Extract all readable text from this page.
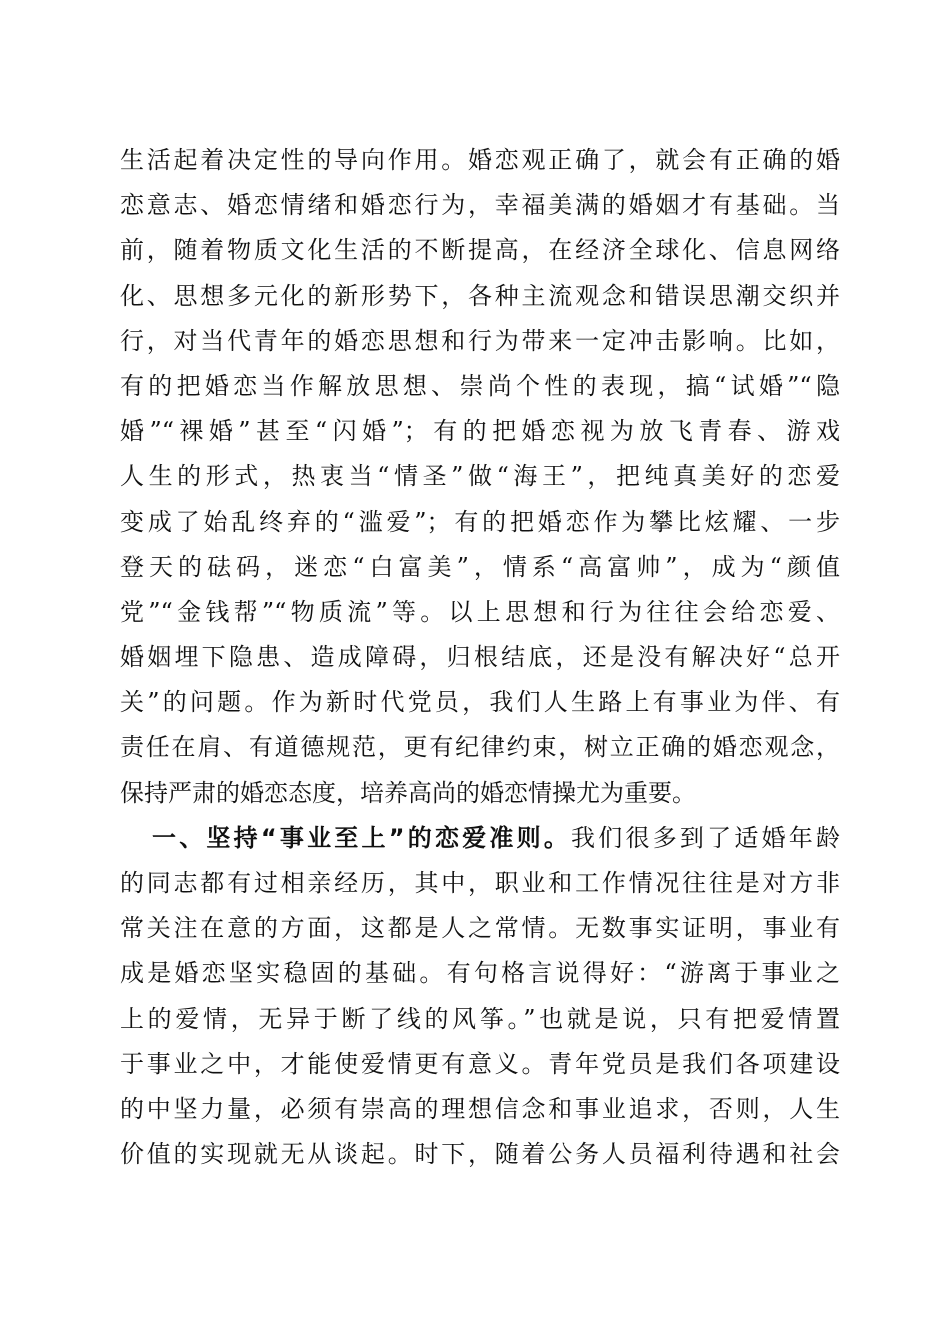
生活起着决定性的导向作用。婚恋观正确了，就会有正确的婚
恋意志、婚恋情绪和婚恋行为，幸福美满的婚姻才有基础。当
前，随着物质文化生活的不断提高，在经济全球化、信息网络
化、思想多元化的新形势下，各种主流观念和错误思潮交织并
行，对当代青年的婚恋思想和行为带来一定冲击影响。比如，
有的把婚恋当作解放思想、崇尚个性的表现，搞“试婚”“隐
婚”“裸婚”甚至“闪婚”；有的把婚恋视为放飞青春、游戏
人生的形式，热衷当“情圣”做“海王”，把纯真美好的恋爱
变成了始乱终弃的“滥爱”；有的把婚恋作为攀比炫耀、一步
登天的砝码，迷恋“白富美”，情系“高富帅”，成为“颜值
党”“金钱帮”“物质流”等。以上思想和行为往往会给恋爱、
婚姻埋下隐患、造成障碍，归根结底，还是没有解决好“总开
关”的问题。作为新时代党员，我们人生路上有事业为伴、有
责任在肩、有道德规范，更有纪律约束，树立正确的婚恋观念，
保持严肃的婚恋态度，培养高尚的婚恋情操尤为重要。
一、坚持“事业至上”的恋爱准则。我们很多到了适婚年龄
的同志都有过相亲经历，其中，职业和工作情况往往是对方非
常关注在意的方面，这都是人之常情。无数事实证明，事业有
成是婚恋坚实稳固的基础。有句格言说得好：“游离于事业之
上的爱情，无异于断了线的风筝。”也就是说，只有把爱情置
于事业之中，才能使爱情更有意义。青年党员是我们各项建设
的中坚力量，必须有崇高的理想信念和事业追求，否则，人生
价值的实现就无从谈起。时下，随着公务人员福利待遇和社会
